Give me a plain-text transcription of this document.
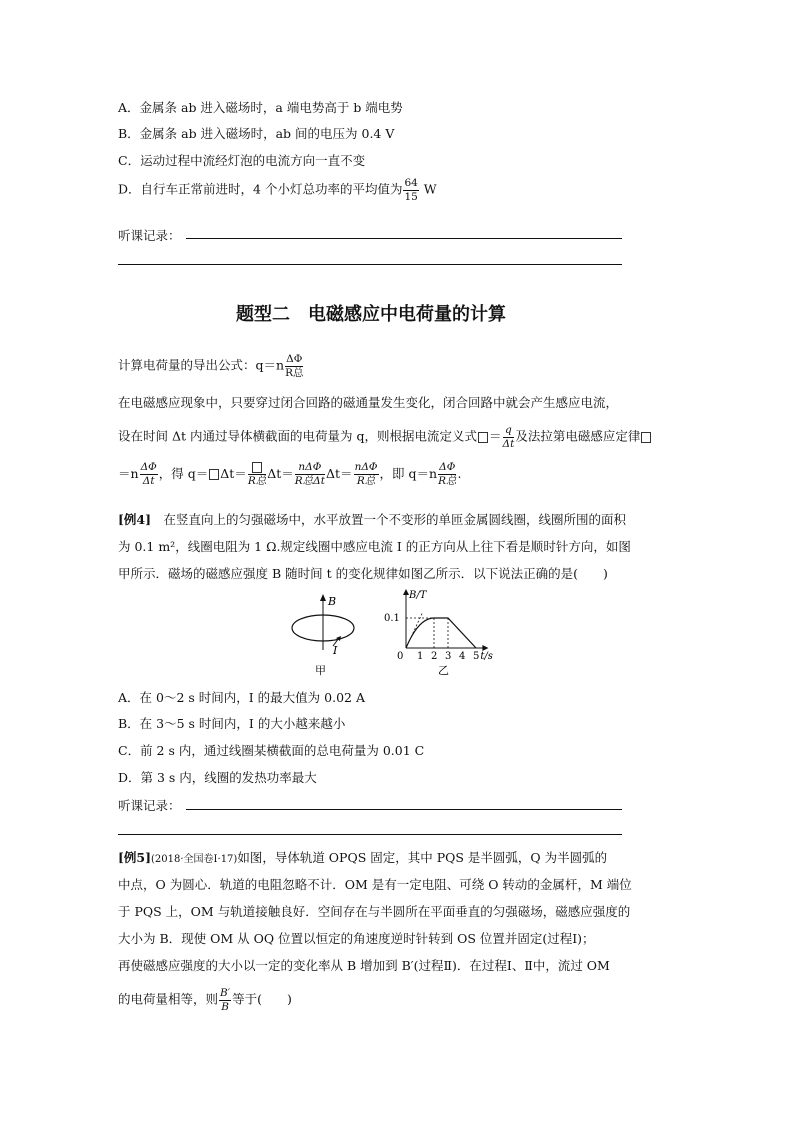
A．金属条 ab 进入磁场时，a 端电势高于 b 端电势
B．金属条 ab 进入磁场时，ab 间的电压为 0.4 V
C．运动过程中流经灯泡的电流方向一直不变
D．自行车正常前进时，4 个小灯总功率的平均值为 $\frac{64}{15}$ W
听课记录：
题型二　电磁感应中电荷量的计算
计算电荷量的导出公式：$q=n \frac{\Delta\Phi}{\text{R总}}$
在电磁感应现象中，只要穿过闭合回路的磁通量发生变化，闭合回路中就会产生感应电流，
设在时间 Δt 内通过导体横截面的电荷量为 q，则根据电流定义式 ＝ $\frac{q}{\Delta t}$ 及法拉第电磁感应定律
$=n \frac{\Delta\Phi}{\Delta t}$ ，得 q＝ Δt＝
R总
$\Delta t= \frac{\text{nΔΦ}}{\text{R总Δt}} \Delta t= \frac{\text{nΔΦ}}{\text{R总}}$ ，即 $q=n \frac{\Delta\Phi}{\text{R总}}$ .
[例4]　在竖直向上的匀强磁场中，水平放置一个不变形的单匝金属圆线圈，线圈所围的面积
为 0.1 m²，线圈电阻为 1 Ω.规定线圈中感应电流 I 的正方向从上往下看是顺时针方向，如图
甲所示．磁场的磁感应强度 B 随时间 t 的变化规律如图乙所示．以下说法正确的是(　　)
B
I
甲
B/T
t/s
0 1 2 3 4 5
0.1
乙
A．在 0～2 s 时间内，I 的最大值为 0.02 A
B．在 3～5 s 时间内，I 的大小越来越小
C．前 2 s 内，通过线圈某横截面的总电荷量为 0.01 C
D．第 3 s 内，线圈的发热功率最大
听课记录：
[例5](2018·全国卷Ⅰ·17)如图，导体轨道 OPQS 固定，其中 PQS 是半圆弧，Q 为半圆弧的
中点，O 为圆心．轨道的电阻忽略不计．OM 是有一定电阻、可绕 O 转动的金属杆，M 端位
于 PQS 上，OM 与轨道接触良好．空间存在与半圆所在平面垂直的匀强磁场，磁感应强度的
大小为 B．现使 OM 从 OQ 位置以恒定的角速度逆时针转到 OS 位置并固定(过程Ⅰ)；
再使磁感应强度的大小以一定的变化率从 B 增加到 B′(过程Ⅱ)．在过程Ⅰ、Ⅱ中，流过 OM
的电荷量相等，则 $\frac{B'}{B}$ 等于(　　)
